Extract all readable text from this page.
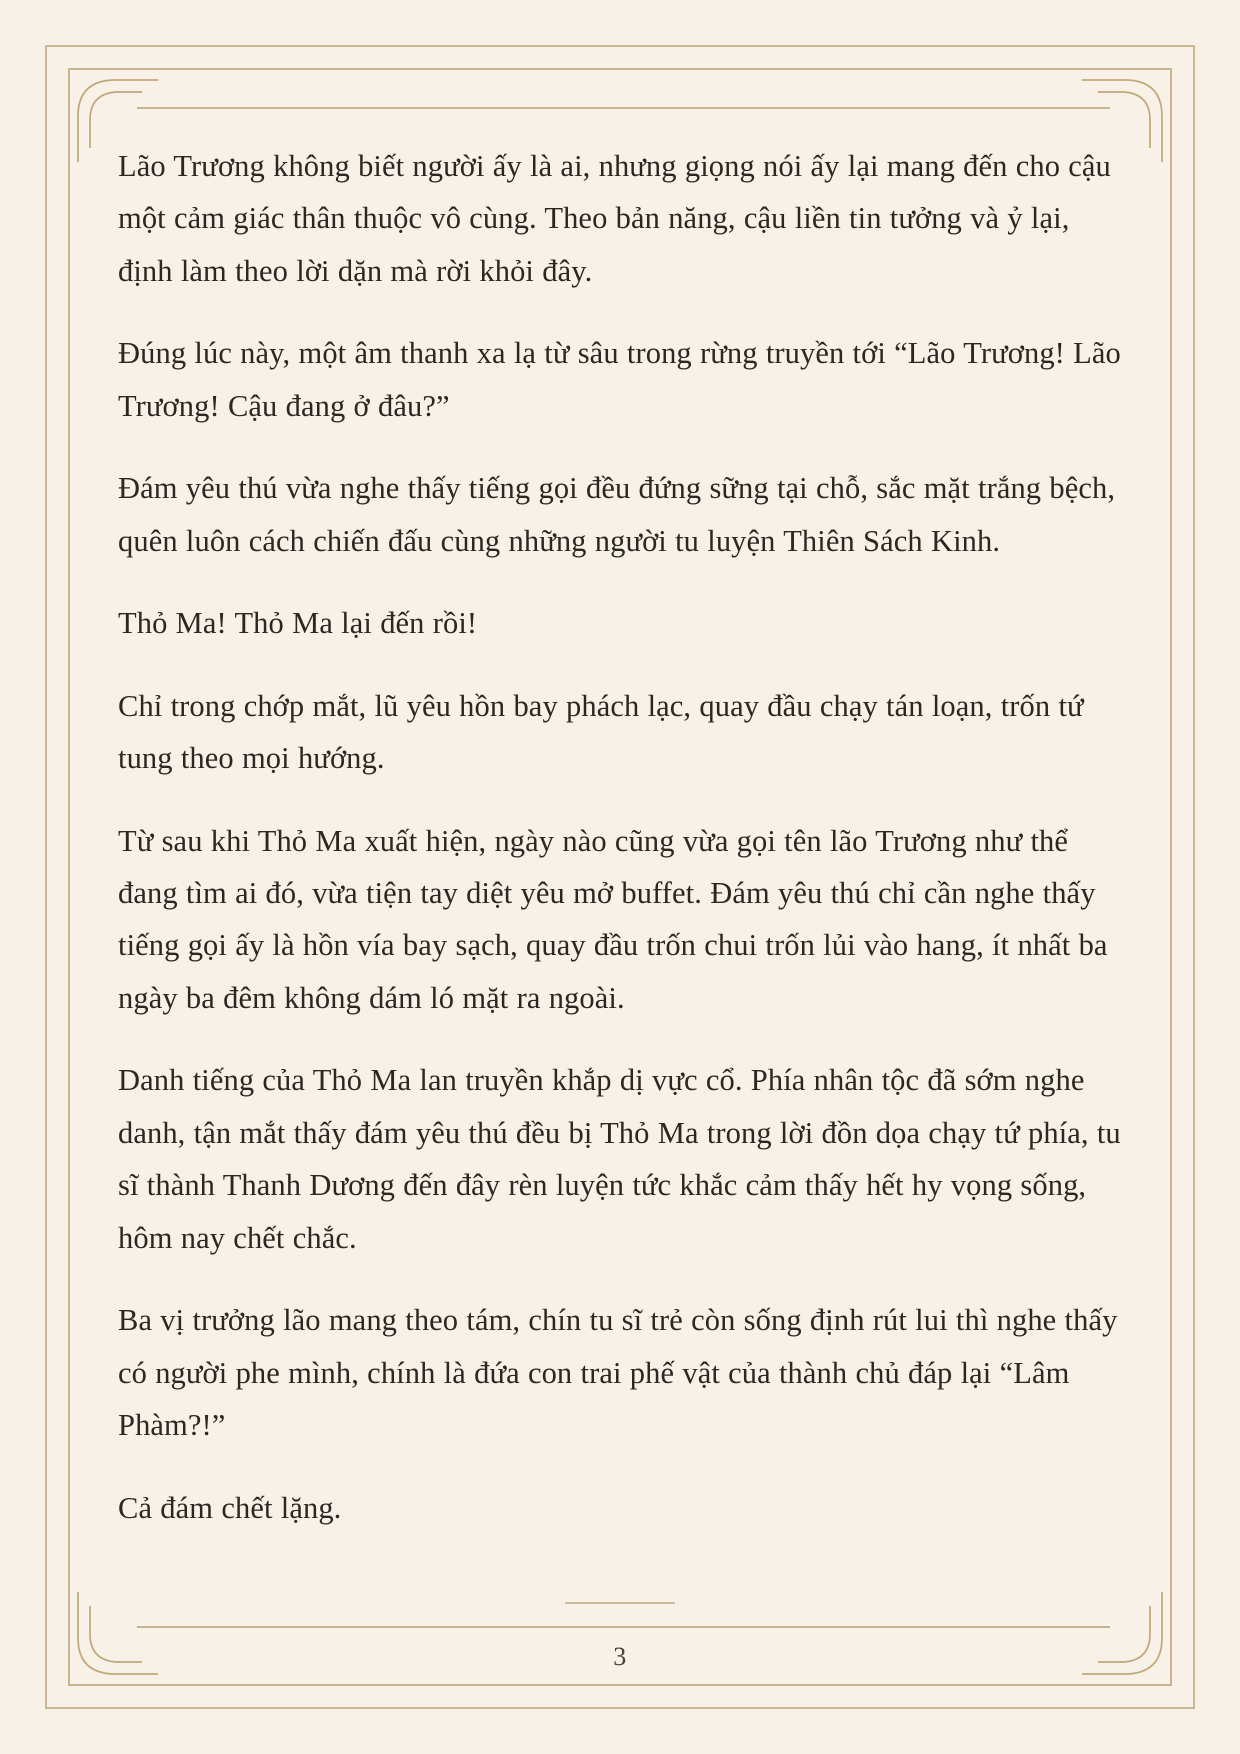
Lão Trương không biết người ấy là ai, nhưng giọng nói ấy lại mang đến cho cậu một cảm giác thân thuộc vô cùng. Theo bản năng, cậu liền tin tưởng và ỷ lại, định làm theo lời dặn mà rời khỏi đây.

Đúng lúc này, một âm thanh xa lạ từ sâu trong rừng truyền tới “Lão Trương! Lão Trương! Cậu đang ở đâu?”

Đám yêu thú vừa nghe thấy tiếng gọi đều đứng sững tại chỗ, sắc mặt trắng bệch, quên luôn cách chiến đấu cùng những người tu luyện Thiên Sách Kinh.

Thỏ Ma! Thỏ Ma lại đến rồi!

Chỉ trong chớp mắt, lũ yêu hồn bay phách lạc, quay đầu chạy tán loạn, trốn tứ tung theo mọi hướng.

Từ sau khi Thỏ Ma xuất hiện, ngày nào cũng vừa gọi tên lão Trương như thể đang tìm ai đó, vừa tiện tay diệt yêu mở buffet. Đám yêu thú chỉ cần nghe thấy tiếng gọi ấy là hồn vía bay sạch, quay đầu trốn chui trốn lủi vào hang, ít nhất ba ngày ba đêm không dám ló mặt ra ngoài.

Danh tiếng của Thỏ Ma lan truyền khắp dị vực cổ. Phía nhân tộc đã sớm nghe danh, tận mắt thấy đám yêu thú đều bị Thỏ Ma trong lời đồn dọa chạy tứ phía, tu sĩ thành Thanh Dương đến đây rèn luyện tức khắc cảm thấy hết hy vọng sống, hôm nay chết chắc.

Ba vị trưởng lão mang theo tám, chín tu sĩ trẻ còn sống định rút lui thì nghe thấy có người phe mình, chính là đứa con trai phế vật của thành chủ đáp lại “Lâm Phàm?!”

Cả đám chết lặng.

3
